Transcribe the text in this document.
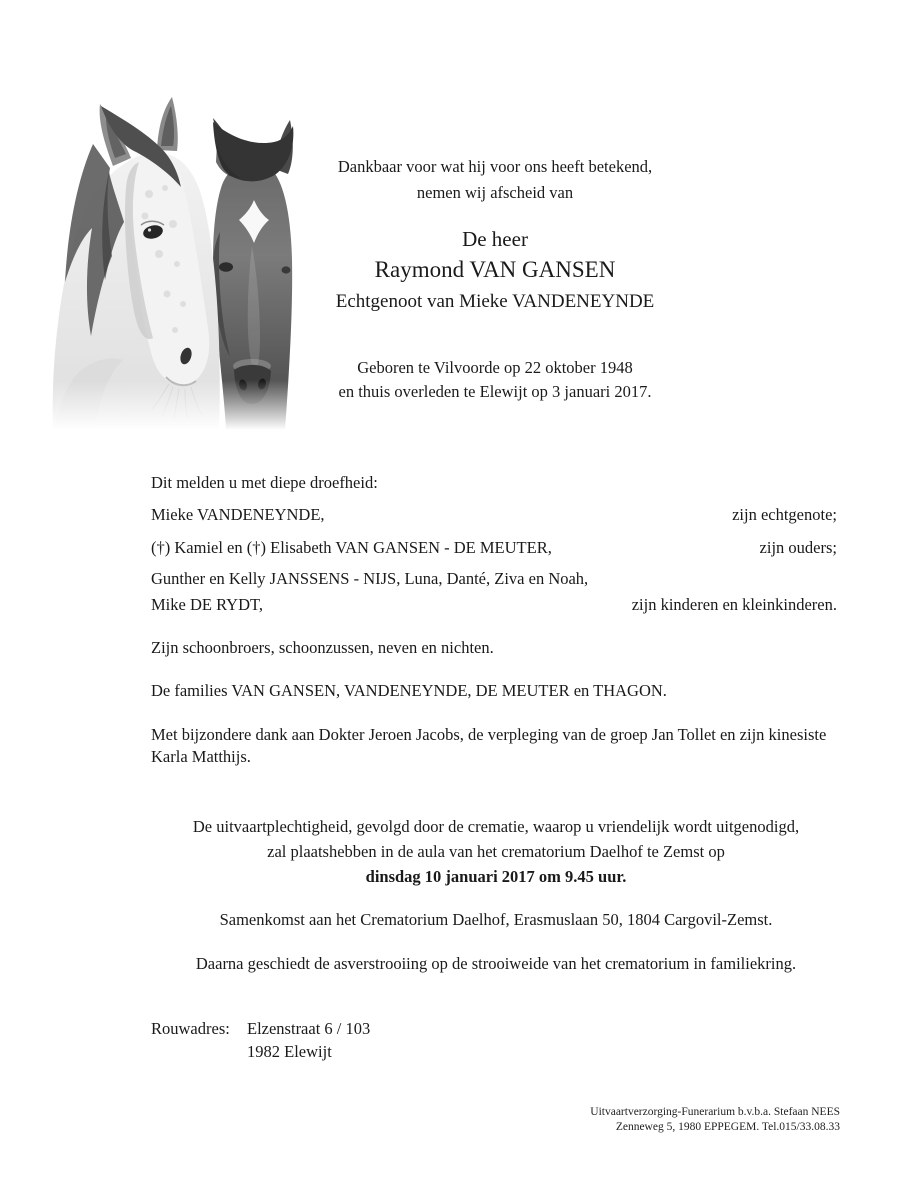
Dankbaar voor wat hij voor ons heeft betekend,
nemen wij afscheid van
De heer
Raymond VAN GANSEN
Echtgenoot van Mieke VANDENEYNDE
Geboren te Vilvoorde op 22 oktober 1948
en thuis overleden te Elewijt op 3 januari 2017.
Dit melden u met diepe droefheid:
Mieke VANDENEYNDE,	zijn echtgenote;
(†) Kamiel en (†) Elisabeth VAN GANSEN - DE MEUTER,	zijn ouders;
Gunther en Kelly JANSSENS - NIJS, Luna, Danté, Ziva en Noah,
Mike DE RYDT,	zijn kinderen en kleinkinderen.
Zijn schoonbroers, schoonzussen, neven en nichten.
De families VAN GANSEN, VANDENEYNDE, DE MEUTER en THAGON.
Met bijzondere dank aan Dokter Jeroen Jacobs, de verpleging van de groep Jan Tollet en zijn kinesiste Karla Matthijs.
De uitvaartplechtigheid, gevolgd door de crematie, waarop u vriendelijk wordt uitgenodigd,
zal plaatshebben in de aula van het crematorium Daelhof te Zemst op
dinsdag 10 januari 2017 om 9.45 uur.
Samenkomst aan het Crematorium Daelhof, Erasmuslaan 50, 1804 Cargovil-Zemst.
Daarna geschiedt de asverstrooiing op de strooiweide van het crematorium in familiekring.
Rouwadres:	Elzenstraat 6 / 103
1982 Elewijt
Uitvaartverzorging-Funerarium b.v.b.a. Stefaan NEES
Zenneweg 5, 1980 EPPEGEM. Tel.015/33.08.33
